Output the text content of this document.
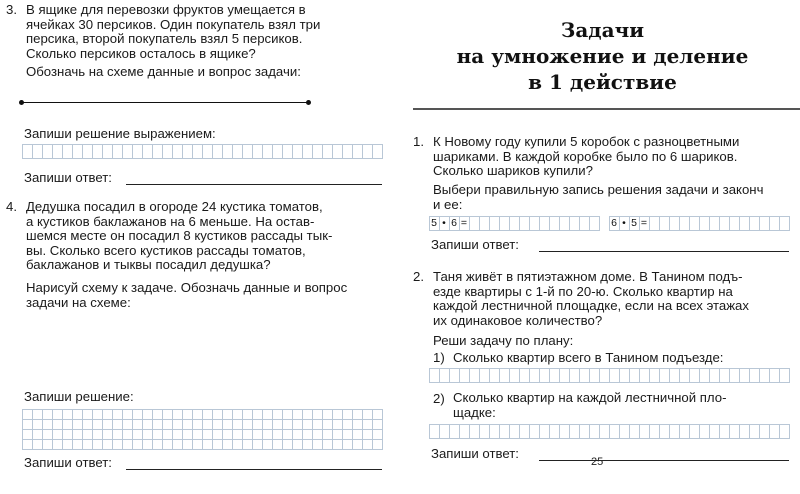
3. В ящике для перевозки фруктов умещается в
ячейках 30 персиков. Один покупатель взял три
персика, второй покупатель взял 5 персиков.
Сколько персиков осталось в ящике?
Обозначь на схеме данные и вопрос задачи:
Запиши решение выражением:
Запиши ответ:
4. Дедушка посадил в огороде 24 кустика томатов,
а кустиков баклажанов на 6 меньше. На остав-
шемся месте он посадил 8 кустиков рассады тык-
вы. Сколько всего кустиков рассады томатов,
баклажанов и тыквы посадил дедушка?
Нарисуй схему к задаче. Обозначь данные и вопрос
задачи на схеме:
Запиши решение:
Запиши ответ:
Задачи
на умножение и деление
в 1 действие
1. К Новому году купили 5 коробок с разноцветными
шариками. В каждой коробке было по 6 шариков.
Сколько шариков купили?
Выбери правильную запись решения задачи и законч
и ее:
5 • 6 =	6 • 5 =
Запиши ответ:
2. Таня живёт в пятиэтажном доме. В Танином подъ-
езде квартиры с 1-й по 20-ю. Сколько квартир на
каждой лестничной площадке, если на всех этажах
их одинаковое количество?
Реши задачу по плану:
1) Сколько квартир всего в Танином подъезде:
2) Сколько квартир на каждой лестничной пло-
щадке:
Запиши ответ:
25
